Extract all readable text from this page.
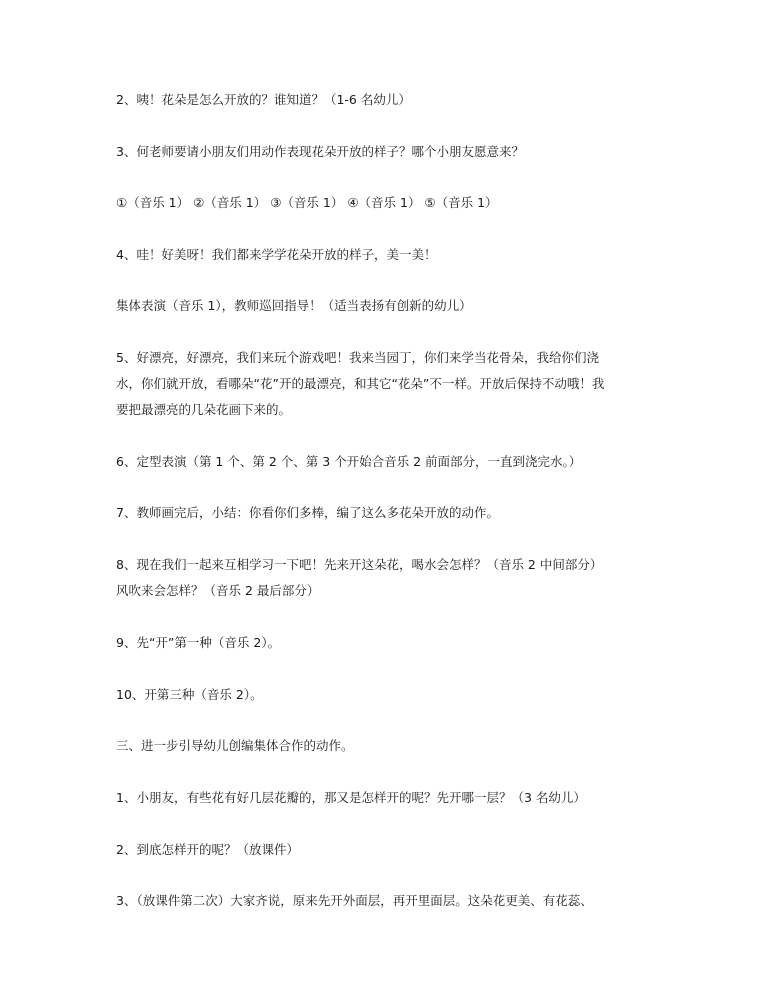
2、咦！花朵是怎么开放的？谁知道？（1-6 名幼儿）

3、何老师要请小朋友们用动作表现花朵开放的样子？哪个小朋友愿意来？

①（音乐 1） ②（音乐 1） ③（音乐 1） ④（音乐 1） ⑤（音乐 1）

4、哇！好美呀！我们都来学学花朵开放的样子，美一美！

集体表演（音乐 1），教师巡回指导！（适当表扬有创新的幼儿）

5、好漂亮，好漂亮，我们来玩个游戏吧！我来当园丁，你们来学当花骨朵，我给你们浇
水，你们就开放，看哪朵“花”开的最漂亮，和其它“花朵”不一样。开放后保持不动哦！我
要把最漂亮的几朵花画下来的。

6、定型表演（第 1 个、第 2 个、第 3 个开始合音乐 2 前面部分，一直到浇完水。）

7、教师画完后，小结：你看你们多棒，编了这么多花朵开放的动作。

8、现在我们一起来互相学习一下吧！先来开这朵花，喝水会怎样？（音乐 2 中间部分）
风吹来会怎样？（音乐 2 最后部分）

9、先“开”第一种（音乐 2）。

10、开第三种（音乐 2）。

三、进一步引导幼儿创编集体合作的动作。

1、小朋友，有些花有好几层花瓣的，那又是怎样开的呢？先开哪一层？（3 名幼儿）

2、到底怎样开的呢？（放课件）

3、（放课件第二次）大家齐说，原来先开外面层，再开里面层。这朵花更美、有花蕊、
